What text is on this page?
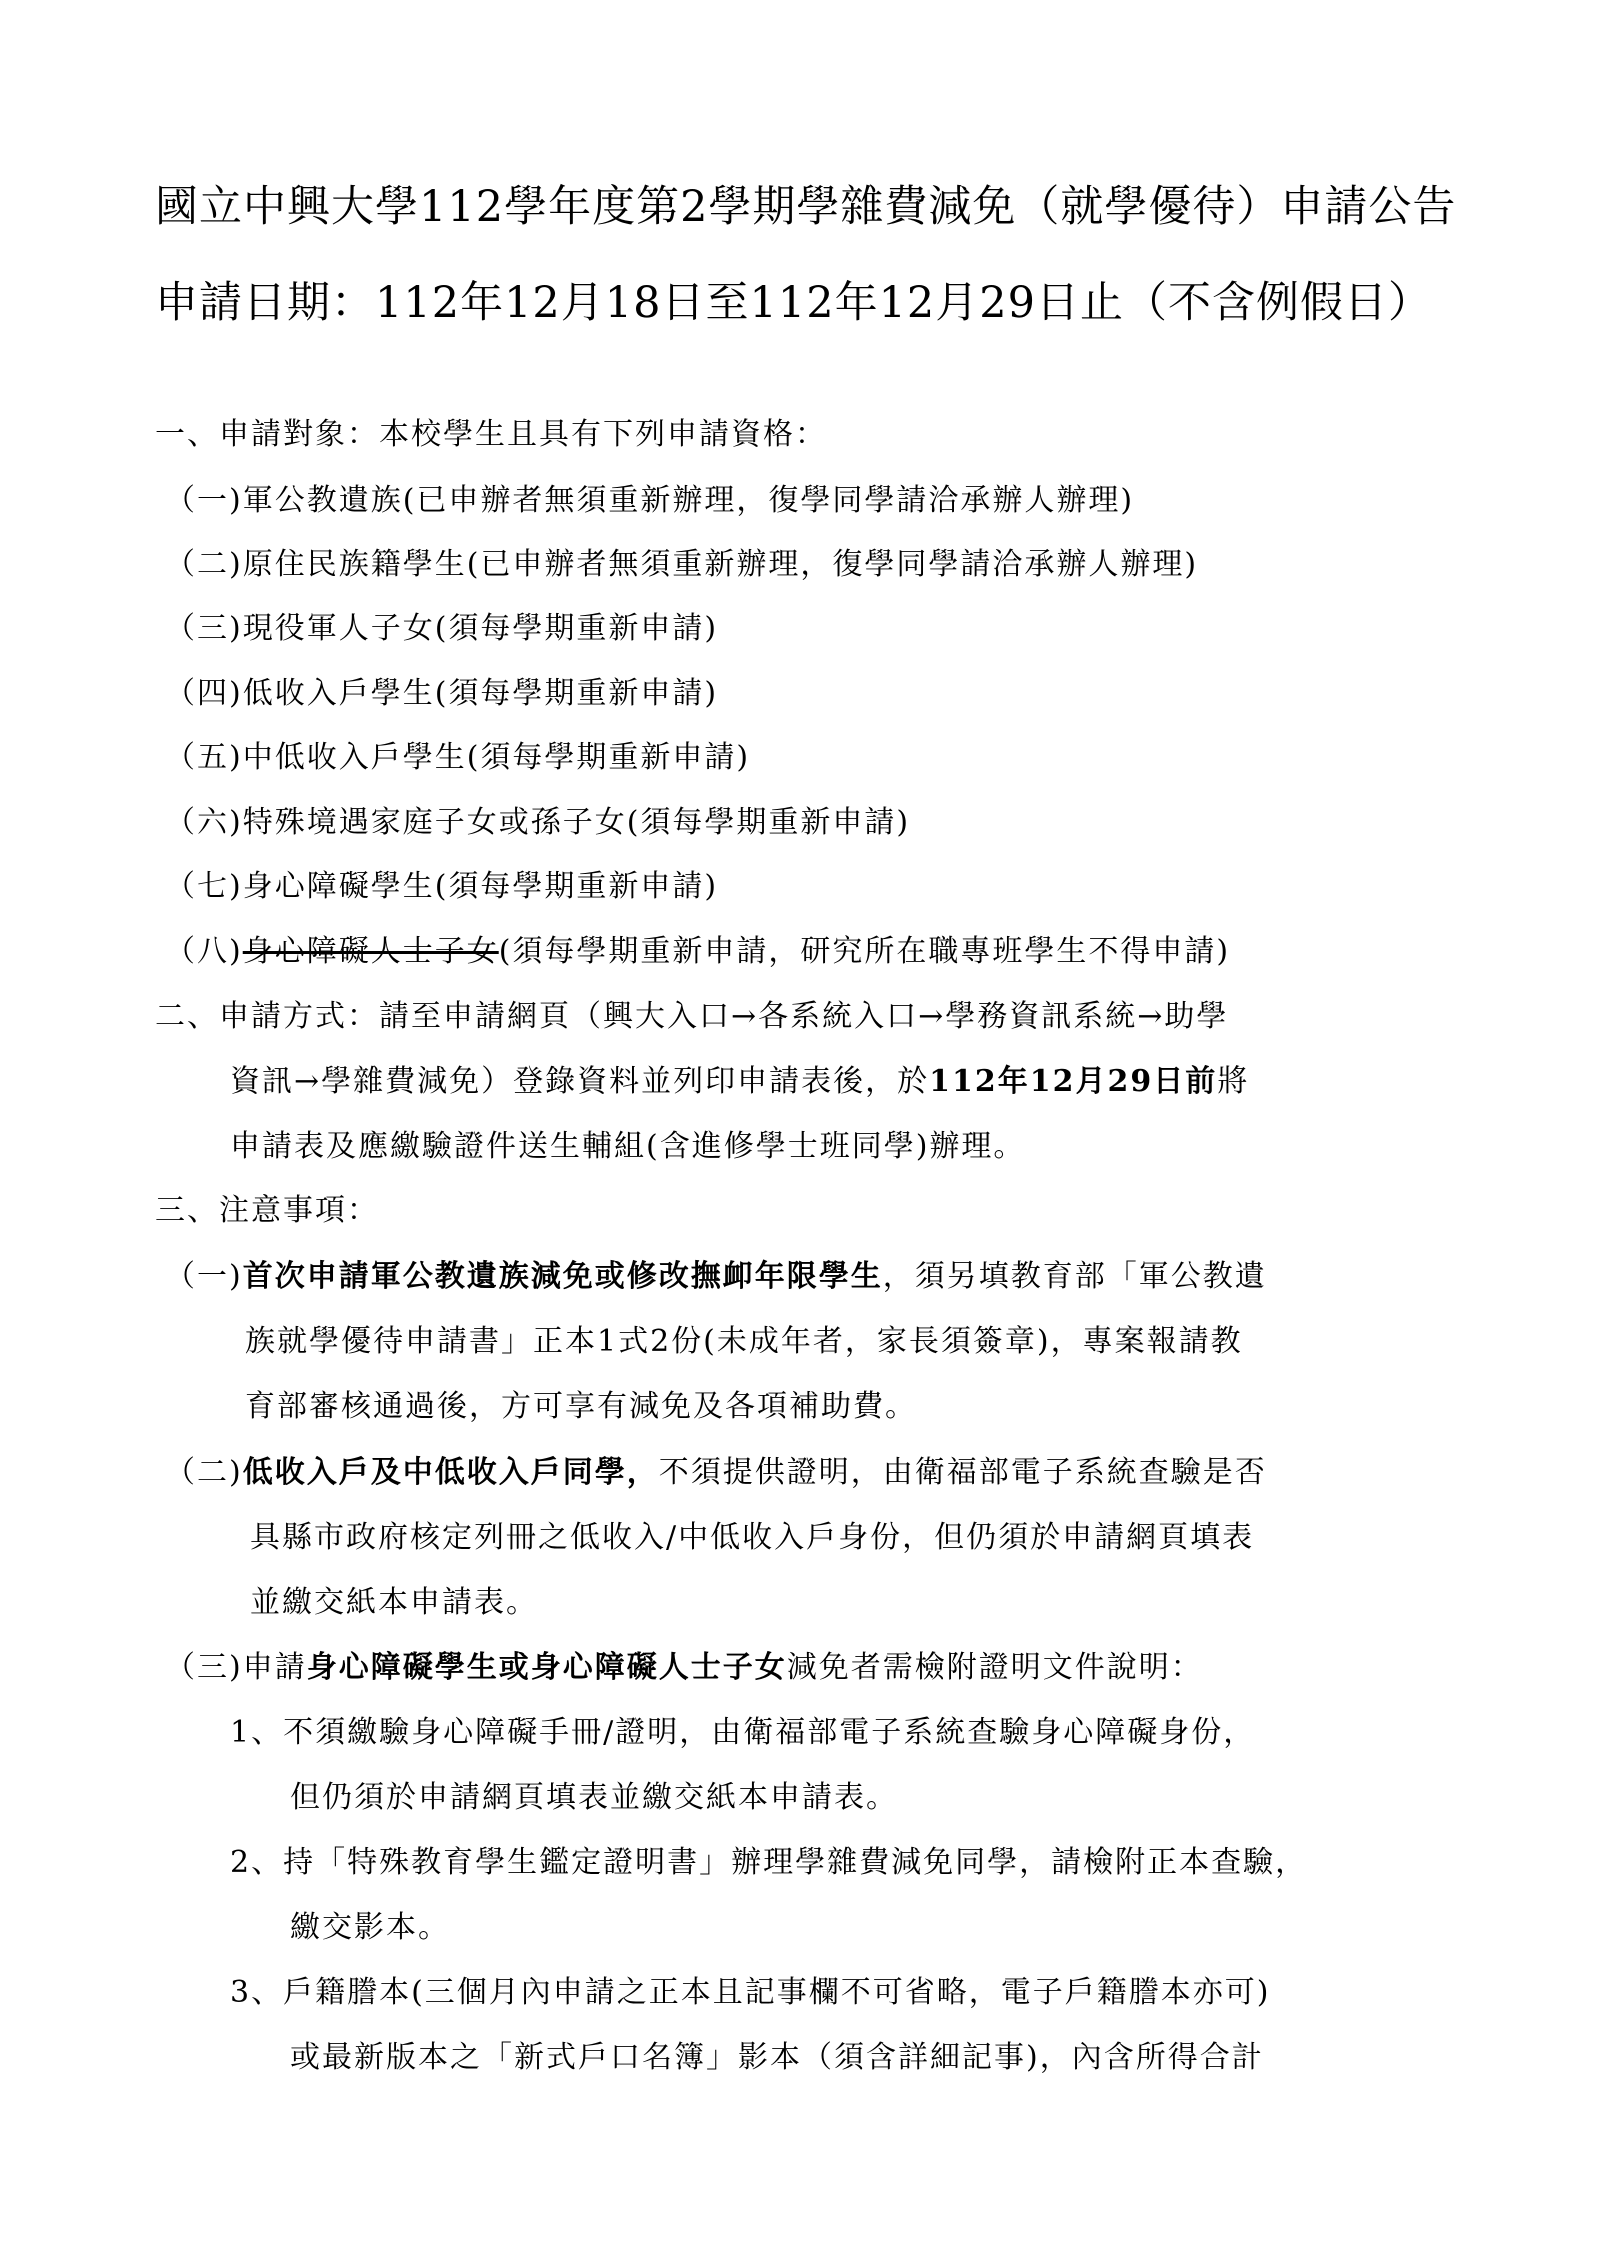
國立中興大學112學年度第2學期學雜費減免（就學優待）申請公告
申請日期：112年12月18日至112年12月29日止（不含例假日）
一、申請對象：本校學生且具有下列申請資格：
（一)軍公教遺族(已申辦者無須重新辦理，復學同學請洽承辦人辦理)
（二)原住民族籍學生(已申辦者無須重新辦理，復學同學請洽承辦人辦理)
（三)現役軍人子女(須每學期重新申請)
（四)低收入戶學生(須每學期重新申請)
（五)中低收入戶學生(須每學期重新申請)
（六)特殊境遇家庭子女或孫子女(須每學期重新申請)
（七)身心障礙學生(須每學期重新申請)
（八)身心障礙人士子女(須每學期重新申請，研究所在職專班學生不得申請)
二、申請方式：請至申請網頁（興大入口→各系統入口→學務資訊系統→助學
資訊→學雜費減免）登錄資料並列印申請表後，於112年12月29日前將
申請表及應繳驗證件送生輔組(含進修學士班同學)辦理。
三、注意事項：
（一)首次申請軍公教遺族減免或修改撫卹年限學生，須另填教育部「軍公教遺
族就學優待申請書」正本1式2份(未成年者，家長須簽章)，專案報請教
育部審核通過後，方可享有減免及各項補助費。
（二)低收入戶及中低收入戶同學，不須提供證明，由衛福部電子系統查驗是否
具縣市政府核定列冊之低收入/中低收入戶身份，但仍須於申請網頁填表
並繳交紙本申請表。
（三)申請身心障礙學生或身心障礙人士子女減免者需檢附證明文件說明：
1、不須繳驗身心障礙手冊/證明，由衛福部電子系統查驗身心障礙身份，
但仍須於申請網頁填表並繳交紙本申請表。
2、持「特殊教育學生鑑定證明書」辦理學雜費減免同學，請檢附正本查驗，
繳交影本。
3、戶籍謄本(三個月內申請之正本且記事欄不可省略，電子戶籍謄本亦可)
或最新版本之「新式戶口名簿」影本（須含詳細記事)，內含所得合計
